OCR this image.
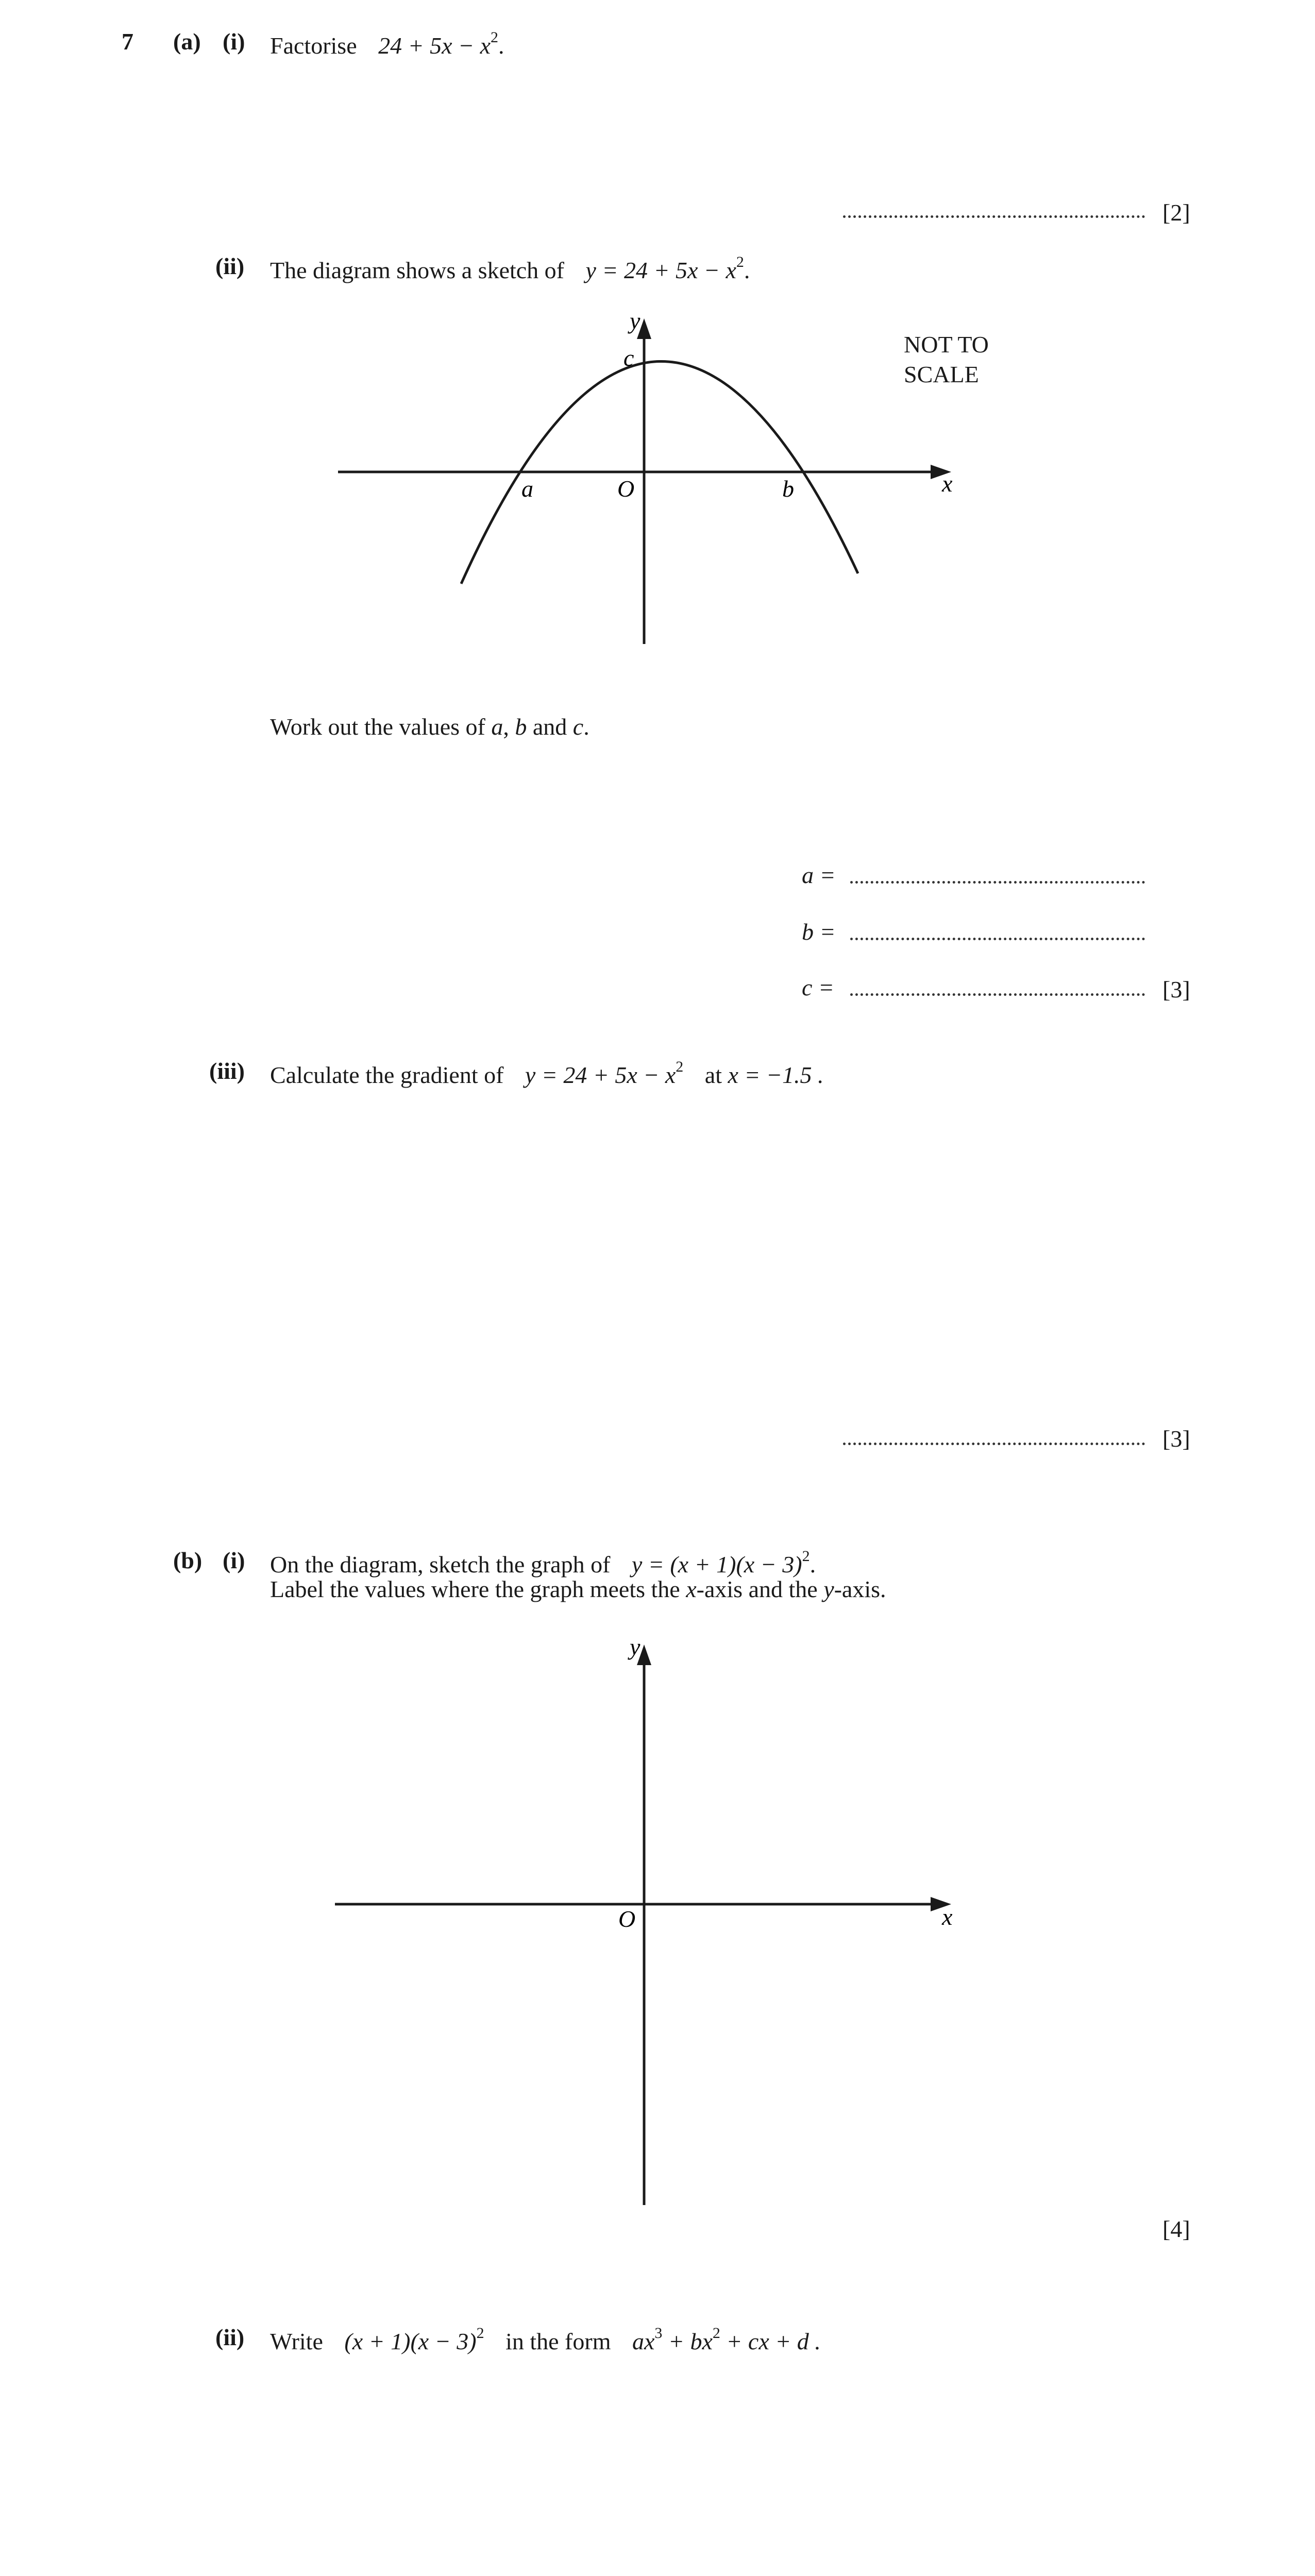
7 (a) (i) Factorise $24 + 5x - x^2$.
[2]
(ii) The diagram shows a sketch of $y = 24 + 5x - x^2$.
NOT TO
SCALE
y
x
c
a	O	b
Work out the values of a, b and c.
a =
b =
c =	[3]
(iii) Calculate the gradient of $y = 24 + 5x - x^2$ at x = −1.5 .
[3]
(b) (i) On the diagram, sketch the graph of $y = (x + 1)(x - 3)^2$.
Label the values where the graph meets the x-axis and the y-axis.
y
x
O
[4]
(ii) Write $(x + 1)(x - 3)^2$ in the form $ax^3 + bx^2$ + cx + d .
